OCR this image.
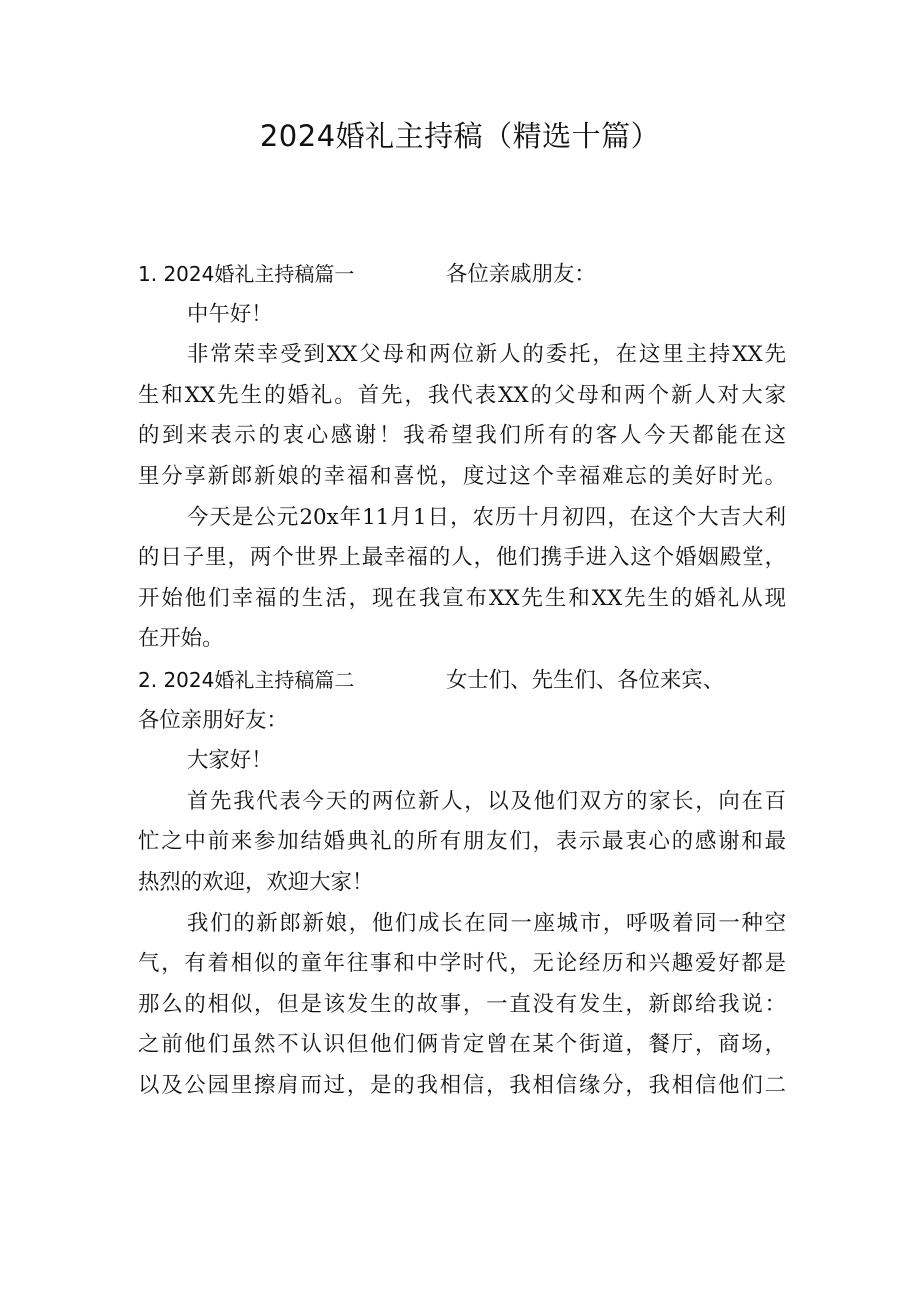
2024婚礼主持稿（精选十篇）
1. 2024婚礼主持稿篇一	各位亲戚朋友：
中午好！
非常荣幸受到XX父母和两位新人的委托，在这里主持XX先
生和XX先生的婚礼。首先，我代表XX的父母和两个新人对大家
的到来表示的衷心感谢！我希望我们所有的客人今天都能在这
里分享新郎新娘的幸福和喜悦，度过这个幸福难忘的美好时光。
今天是公元20x年11月1日，农历十月初四，在这个大吉大利
的日子里，两个世界上最幸福的人，他们携手进入这个婚姻殿堂，
开始他们幸福的生活，现在我宣布XX先生和XX先生的婚礼从现
在开始。
2. 2024婚礼主持稿篇二	女士们、先生们、各位来宾、
各位亲朋好友：
大家好！
首先我代表今天的两位新人，以及他们双方的家长，向在百
忙之中前来参加结婚典礼的所有朋友们，表示最衷心的感谢和最
热烈的欢迎，欢迎大家！
我们的新郎新娘，他们成长在同一座城市，呼吸着同一种空
气，有着相似的童年往事和中学时代，无论经历和兴趣爱好都是
那么的相似，但是该发生的故事，一直没有发生，新郎给我说：
之前他们虽然不认识但他们俩肯定曾在某个街道，餐厅，商场，
以及公园里擦肩而过，是的我相信，我相信缘分，我相信他们二
